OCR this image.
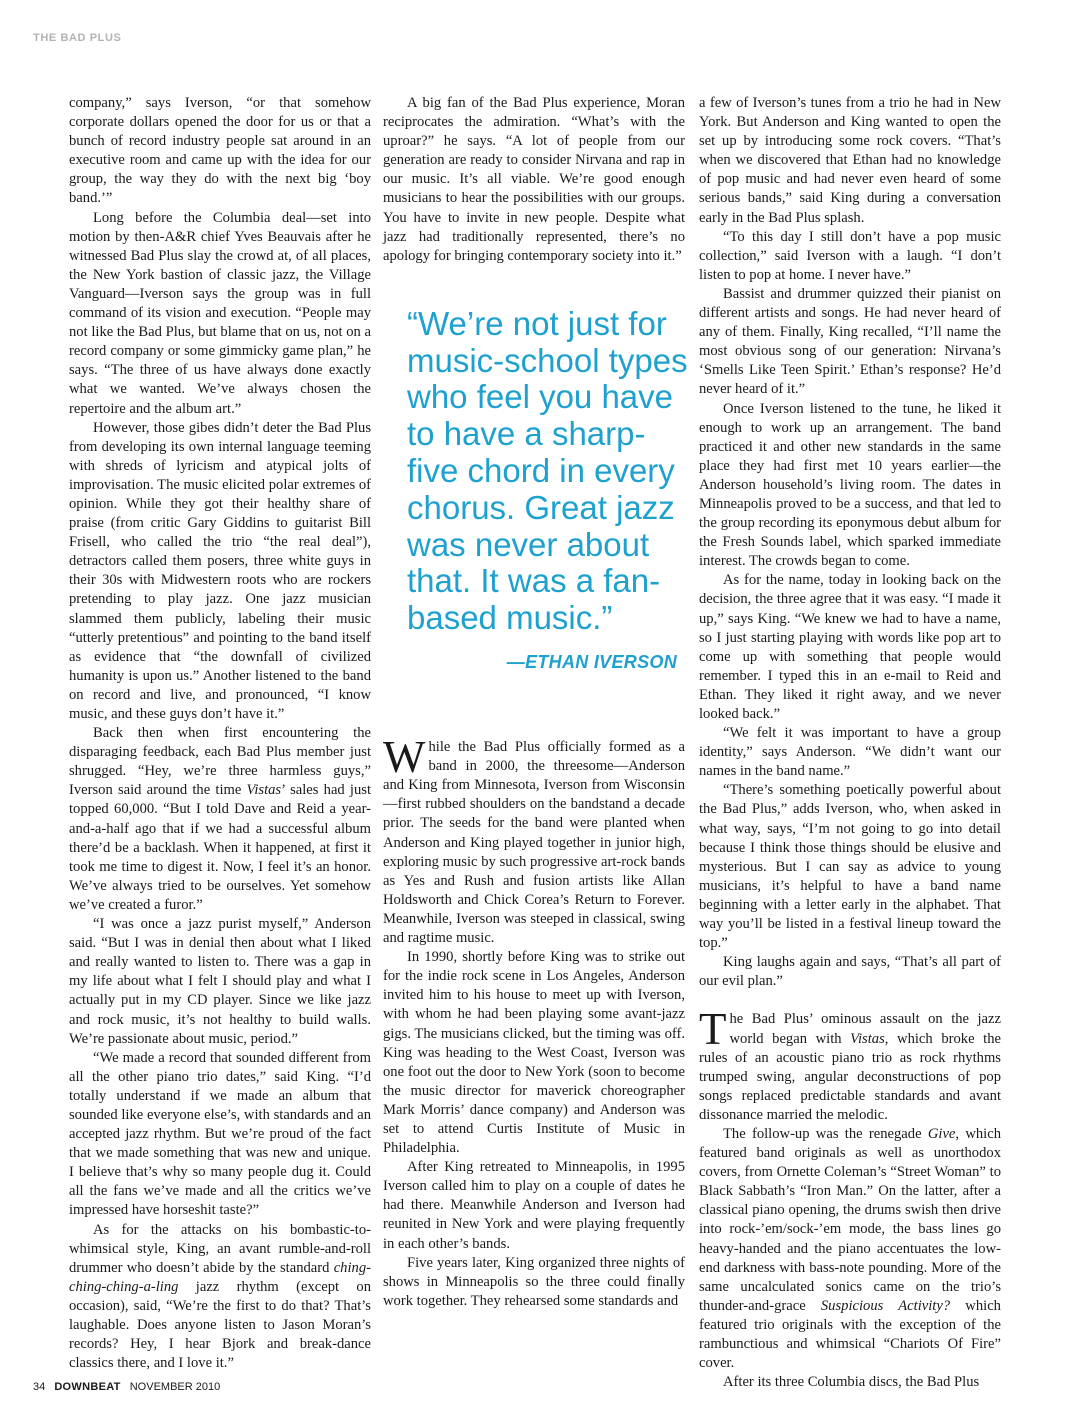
THE BAD PLUS

company,” says Iverson, “or that somehow corporate dollars opened the door for us or that a bunch of record industry people sat around in an executive room and came up with the idea for our group, the way they do with the next big ‘boy band.’”

Long before the Columbia deal—set into motion by then-A&R chief Yves Beauvais after he witnessed Bad Plus slay the crowd at, of all places, the New York bastion of classic jazz, the Village Vanguard—Iverson says the group was in full command of its vision and execution. “People may not like the Bad Plus, but blame that on us, not on a record company or some gimmicky game plan,” he says. “The three of us have always done exactly what we wanted. We’ve always chosen the repertoire and the album art.”

However, those gibes didn’t deter the Bad Plus from developing its own internal language teeming with shreds of lyricism and atypical jolts of improvisation. The music elicited polar extremes of opinion. While they got their healthy share of praise (from critic Gary Giddins to guitarist Bill Frisell, who called the trio “the real deal”), detractors called them posers, three white guys in their 30s with Midwestern roots who are rockers pretending to play jazz. One jazz musician slammed them publicly, labeling their music “utterly pretentious” and pointing to the band itself as evidence that “the downfall of civilized humanity is upon us.” Another listened to the band on record and live, and pronounced, “I know music, and these guys don’t have it.”

Back then when first encountering the disparaging feedback, each Bad Plus member just shrugged. “Hey, we’re three harmless guys,” Iverson said around the time Vistas’ sales had just topped 60,000. “But I told Dave and Reid a year-and-a-half ago that if we had a successful album there’d be a backlash. When it happened, at first it took me time to digest it. Now, I feel it’s an honor. We’ve always tried to be ourselves. Yet somehow we’ve created a furor.”

“I was once a jazz purist myself,” Anderson said. “But I was in denial then about what I liked and really wanted to listen to. There was a gap in my life about what I felt I should play and what I actually put in my CD player. Since we like jazz and rock music, it’s not healthy to build walls. We’re passionate about music, period.”

“We made a record that sounded different from all the other piano trio dates,” said King. “I’d totally understand if we made an album that sounded like everyone else’s, with standards and an accepted jazz rhythm. But we’re proud of the fact that we made something that was new and unique. I believe that’s why so many people dug it. Could all the fans we’ve made and all the critics we’ve impressed have horseshit taste?”

As for the attacks on his bombastic-to-whimsical style, King, an avant rumble-and-roll drummer who doesn’t abide by the standard ching-ching-ching-a-ling jazz rhythm (except on occasion), said, “We’re the first to do that? That’s laughable. Does anyone listen to Jason Moran’s records? Hey, I hear Bjork and break-dance classics there, and I love it.”

A big fan of the Bad Plus experience, Moran reciprocates the admiration. “What’s with the uproar?” he says. “A lot of people from our generation are ready to consider Nirvana and rap in our music. It’s all viable. We’re good enough musicians to hear the possibilities with our groups. You have to invite in new people. Despite what jazz had traditionally represented, there’s no apology for bringing contemporary society into it.”

“We’re not just for music-school types who feel you have to have a sharp-five chord in every chorus. Great jazz was never about that. It was a fan-based music.”
—ETHAN IVERSON

While the Bad Plus officially formed as a band in 2000, the threesome—Anderson and King from Minnesota, Iverson from Wisconsin—first rubbed shoulders on the bandstand a decade prior. The seeds for the band were planted when Anderson and King played together in junior high, exploring music by such progressive art-rock bands as Yes and Rush and fusion artists like Allan Holdsworth and Chick Corea’s Return to Forever. Meanwhile, Iverson was steeped in classical, swing and ragtime music.

In 1990, shortly before King was to strike out for the indie rock scene in Los Angeles, Anderson invited him to his house to meet up with Iverson, with whom he had been playing some avant-jazz gigs. The musicians clicked, but the timing was off. King was heading to the West Coast, Iverson was one foot out the door to New York (soon to become the music director for maverick choreographer Mark Morris’ dance company) and Anderson was set to attend Curtis Institute of Music in Philadelphia.

After King retreated to Minneapolis, in 1995 Iverson called him to play on a couple of dates he had there. Meanwhile Anderson and Iverson had reunited in New York and were playing frequently in each other’s bands.

Five years later, King organized three nights of shows in Minneapolis so the three could finally work together. They rehearsed some standards and

a few of Iverson’s tunes from a trio he had in New York. But Anderson and King wanted to open the set up by introducing some rock covers. “That’s when we discovered that Ethan had no knowledge of pop music and had never even heard of some serious bands,” said King during a conversation early in the Bad Plus splash.

“To this day I still don’t have a pop music collection,” said Iverson with a laugh. “I don’t listen to pop at home. I never have.”

Bassist and drummer quizzed their pianist on different artists and songs. He had never heard of any of them. Finally, King recalled, “I’ll name the most obvious song of our generation: Nirvana’s ‘Smells Like Teen Spirit.’ Ethan’s response? He’d never heard of it.”

Once Iverson listened to the tune, he liked it enough to work up an arrangement. The band practiced it and other new standards in the same place they had first met 10 years earlier—the Anderson household’s living room. The dates in Minneapolis proved to be a success, and that led to the group recording its eponymous debut album for the Fresh Sounds label, which sparked immediate interest. The crowds began to come.

As for the name, today in looking back on the decision, the three agree that it was easy. “I made it up,” says King. “We knew we had to have a name, so I just starting playing with words like pop art to come up with something that people would remember. I typed this in an e-mail to Reid and Ethan. They liked it right away, and we never looked back.”

“We felt it was important to have a group identity,” says Anderson. “We didn’t want our names in the band name.”

“There’s something poetically powerful about the Bad Plus,” adds Iverson, who, when asked in what way, says, “I’m not going to go into detail because I think those things should be elusive and mysterious. But I can say as advice to young musicians, it’s helpful to have a band name beginning with a letter early in the alphabet. That way you’ll be listed in a festival lineup toward the top.”

King laughs again and says, “That’s all part of our evil plan.”

The Bad Plus’ ominous assault on the jazz world began with Vistas, which broke the rules of an acoustic piano trio as rock rhythms trumped swing, angular deconstructions of pop songs replaced predictable standards and avant dissonance married the melodic.

The follow-up was the renegade Give, which featured band originals as well as unorthodox covers, from Ornette Coleman’s “Street Woman” to Black Sabbath’s “Iron Man.” On the latter, after a classical piano opening, the drums swish then drive into rock-’em/sock-’em mode, the bass lines go heavy-handed and the piano accentuates the low-end darkness with bass-note pounding. More of the same uncalculated sonics came on the trio’s thunder-and-grace Suspicious Activity? which featured trio originals with the exception of the rambunctious and whimsical “Chariots Of Fire” cover.

After its three Columbia discs, the Bad Plus

34 DOWNBEAT NOVEMBER 2010
